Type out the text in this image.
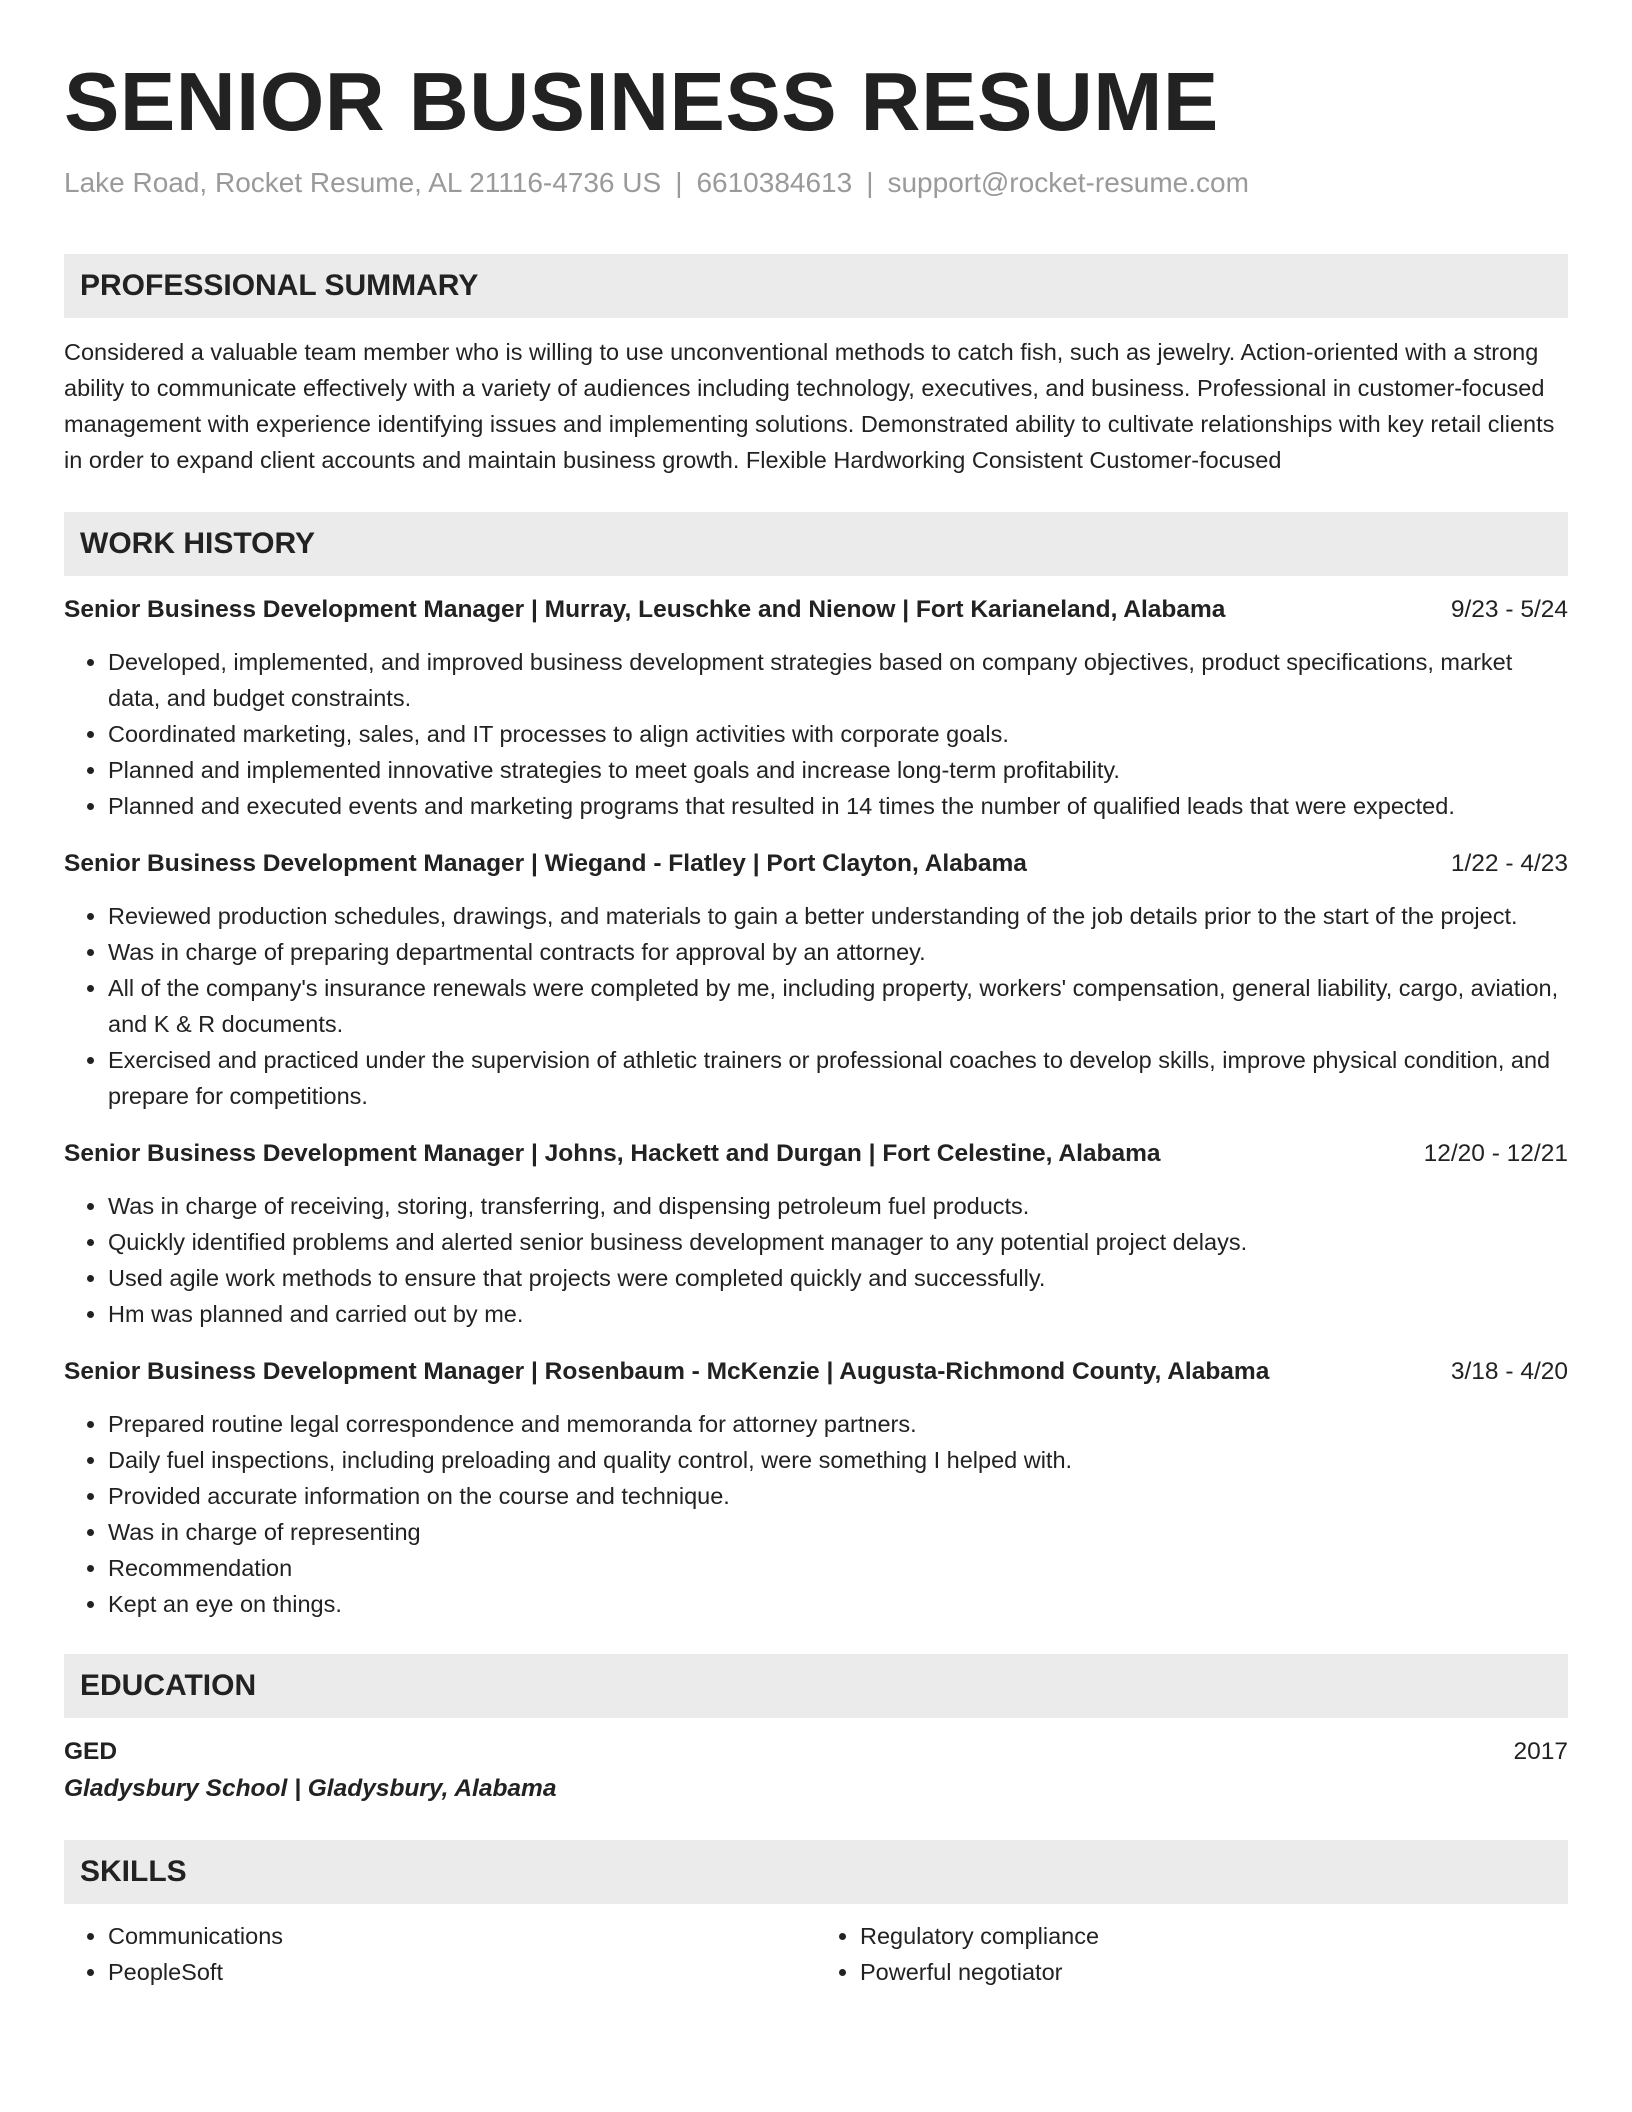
SENIOR BUSINESS RESUME
Lake Road, Rocket Resume, AL 21116-4736 US | 6610384613 | support@rocket-resume.com
PROFESSIONAL SUMMARY
Considered a valuable team member who is willing to use unconventional methods to catch fish, such as jewelry. Action-oriented with a strong ability to communicate effectively with a variety of audiences including technology, executives, and business. Professional in customer-focused management with experience identifying issues and implementing solutions. Demonstrated ability to cultivate relationships with key retail clients in order to expand client accounts and maintain business growth. Flexible Hardworking Consistent Customer-focused
WORK HISTORY
Senior Business Development Manager | Murray, Leuschke and Nienow | Fort Karianeland, Alabama	9/23 - 5/24
• Developed, implemented, and improved business development strategies based on company objectives, product specifications, market data, and budget constraints.
• Coordinated marketing, sales, and IT processes to align activities with corporate goals.
• Planned and implemented innovative strategies to meet goals and increase long-term profitability.
• Planned and executed events and marketing programs that resulted in 14 times the number of qualified leads that were expected.
Senior Business Development Manager | Wiegand - Flatley | Port Clayton, Alabama	1/22 - 4/23
• Reviewed production schedules, drawings, and materials to gain a better understanding of the job details prior to the start of the project.
• Was in charge of preparing departmental contracts for approval by an attorney.
• All of the company's insurance renewals were completed by me, including property, workers' compensation, general liability, cargo, aviation, and K & R documents.
• Exercised and practiced under the supervision of athletic trainers or professional coaches to develop skills, improve physical condition, and prepare for competitions.
Senior Business Development Manager | Johns, Hackett and Durgan | Fort Celestine, Alabama	12/20 - 12/21
• Was in charge of receiving, storing, transferring, and dispensing petroleum fuel products.
• Quickly identified problems and alerted senior business development manager to any potential project delays.
• Used agile work methods to ensure that projects were completed quickly and successfully.
• Hm was planned and carried out by me.
Senior Business Development Manager | Rosenbaum - McKenzie | Augusta-Richmond County, Alabama	3/18 - 4/20
• Prepared routine legal correspondence and memoranda for attorney partners.
• Daily fuel inspections, including preloading and quality control, were something I helped with.
• Provided accurate information on the course and technique.
• Was in charge of representing
• Recommendation
• Kept an eye on things.
EDUCATION
GED	2017
Gladysbury School | Gladysbury, Alabama
SKILLS
• Communications
• PeopleSoft
• Regulatory compliance
• Powerful negotiator
